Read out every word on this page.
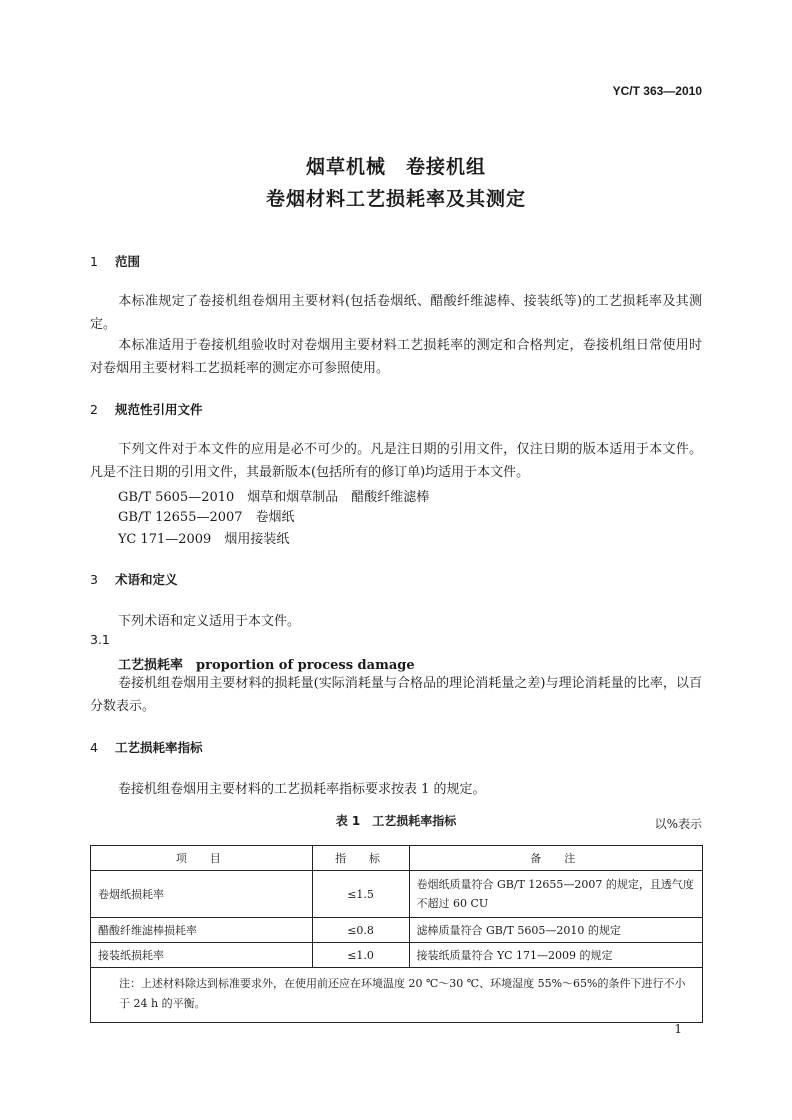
YC/T 363—2010
烟草机械　卷接机组
卷烟材料工艺损耗率及其测定
1 范围
本标准规定了卷接机组卷烟用主要材料(包括卷烟纸、醋酸纤维滤棒、接装纸等)的工艺损耗率及其测定。
本标准适用于卷接机组验收时对卷烟用主要材料工艺损耗率的测定和合格判定，卷接机组日常使用时对卷烟用主要材料工艺损耗率的测定亦可参照使用。
2 规范性引用文件
下列文件对于本文件的应用是必不可少的。凡是注日期的引用文件，仅注日期的版本适用于本文件。凡是不注日期的引用文件，其最新版本(包括所有的修订单)均适用于本文件。
GB/T 5605—2010　烟草和烟草制品　醋酸纤维滤棒
GB/T 12655—2007　卷烟纸
YC 171—2009　烟用接装纸
3 术语和定义
下列术语和定义适用于本文件。
3.1
工艺损耗率　proportion of process damage
卷接机组卷烟用主要材料的损耗量(实际消耗量与合格品的理论消耗量之差)与理论消耗量的比率，以百分数表示。
4 工艺损耗率指标
卷接机组卷烟用主要材料的工艺损耗率指标要求按表 1 的规定。
表 1　工艺损耗率指标	以%表示
项　目	指　标	备　注
卷烟纸损耗率	≤1.5	卷烟纸质量符合 GB/T 12655—2007 的规定，且透气度不超过 60 CU
醋酸纤维滤棒损耗率	≤0.8	滤棒质量符合 GB/T 5605—2010 的规定
接装纸损耗率	≤1.0	接装纸质量符合 YC 171—2009 的规定
注：上述材料除达到标准要求外，在使用前还应在环境温度 20 ℃～30 ℃、环境湿度 55%～65%的条件下进行不小于 24 h 的平衡。		
1
